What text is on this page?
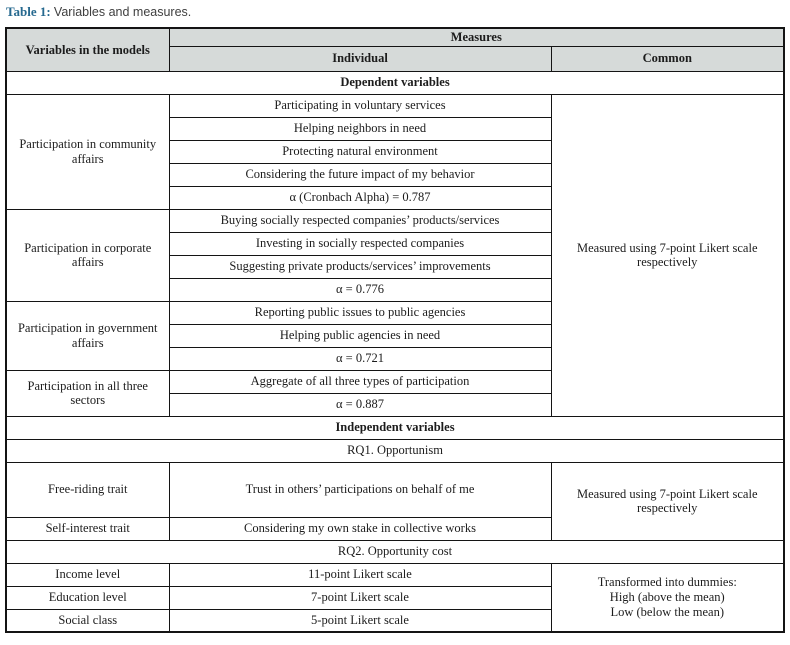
Table 1: Variables and measures.
Variables in the models	Measures	
	Individual	Common
Dependent variables		
Participation in community affairs	Participating in voluntary services	Measured using 7-point Likert scale respectively
	Helping neighbors in need	
	Protecting natural environment	
	Considering the future impact of my behavior	
	α (Cronbach Alpha) = 0.787	
Participation in corporate affairs	Buying socially respected companies’ products/services	
	Investing in socially respected companies	
	Suggesting private products/services’ improvements	
	α = 0.776	
Participation in government affairs	Reporting public issues to public agencies	
	Helping public agencies in need	
	α = 0.721	
Participation in all three sectors	Aggregate of all three types of participation	
	α = 0.887	
Independent variables		
RQ1. Opportunism		
Free-riding trait	Trust in others’ participations on behalf of me	Measured using 7-point Likert scale respectively
Self-interest trait	Considering my own stake in collective works	
RQ2. Opportunity cost		
Income level	11-point Likert scale	Transformed into dummies:
High (above the mean)
Low (below the mean)

Education level	7-point Likert scale	
Social class	5-point Likert scale	
